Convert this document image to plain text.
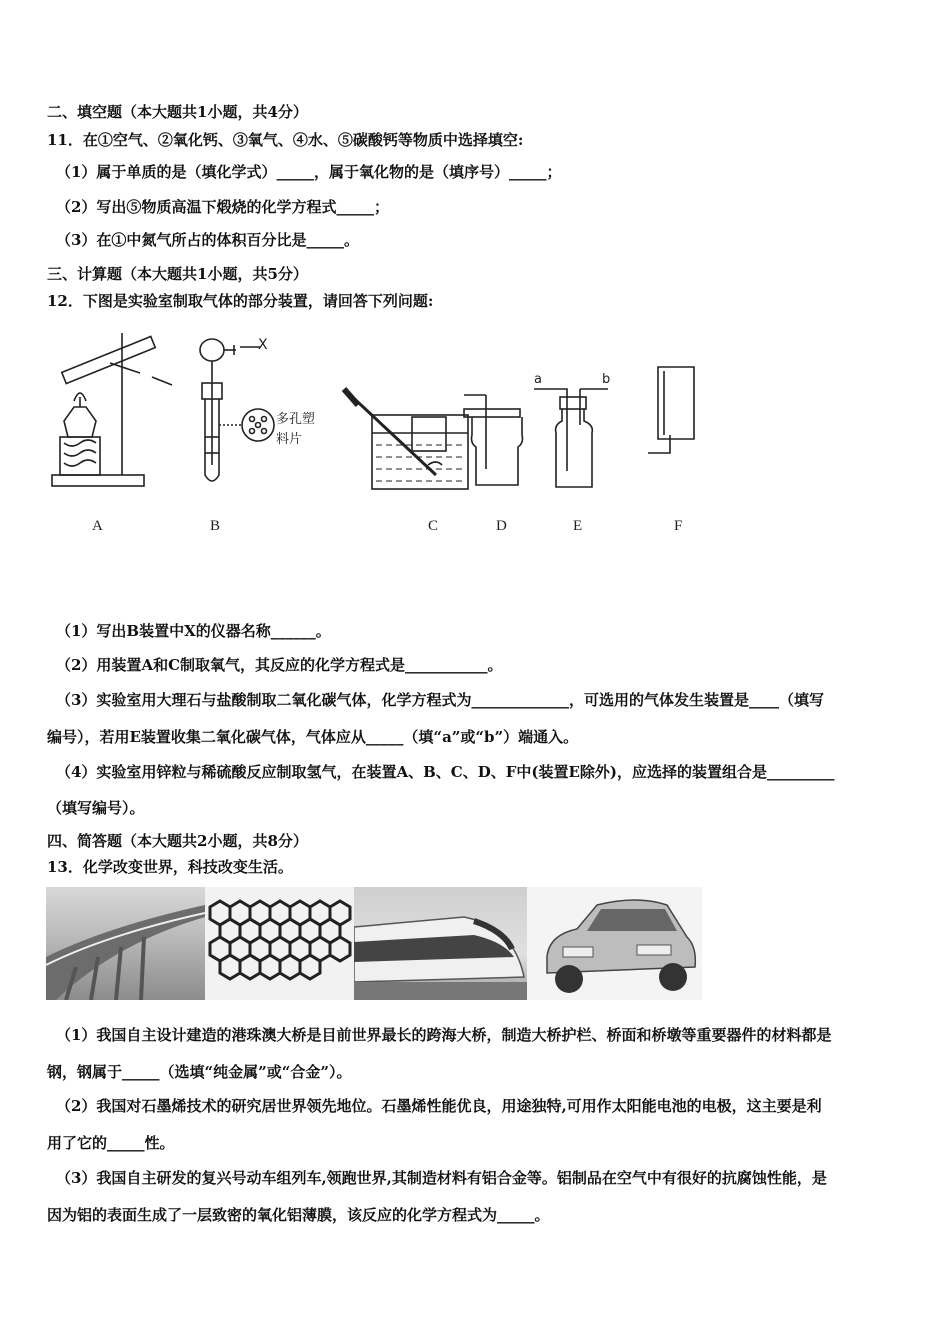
二、填空题（本大题共1小题，共4分）
11．在①空气、②氧化钙、③氧气、④水、⑤碳酸钙等物质中选择填空:
（1）属于单质的是（填化学式）_____，属于氧化物的是（填序号）_____；
（2）写出⑤物质高温下煅烧的化学方程式_____；
（3）在①中氮气所占的体积百分比是_____。
三、计算题（本大题共1小题，共5分）
12．下图是实验室制取气体的部分装置，请回答下列问题:
X
多孔塑
料片
a	b
A	B	C	D	E	F
（1）写出B装置中X的仪器名称______。
（2）用装置A和C制取氧气，其反应的化学方程式是___________。
（3）实验室用大理石与盐酸制取二氧化碳气体，化学方程式为_____________，可选用的气体发生装置是____（填写
编号），若用E装置收集二氧化碳气体，气体应从_____（填“a”或“b”）端通入。
（4）实验室用锌粒与稀硫酸反应制取氢气，在装置A、B、C、D、F中(装置E除外)，应选择的装置组合是_________
（填写编号）。
四、简答题（本大题共2小题，共8分）
13．化学改变世界，科技改变生活。
（1）我国自主设计建造的港珠澳大桥是目前世界最长的跨海大桥，制造大桥护栏、桥面和桥墩等重要器件的材料都是
钢，钢属于_____（选填“纯金属”或“合金”）。
（2）我国对石墨烯技术的研究居世界领先地位。石墨烯性能优良，用途独特,可用作太阳能电池的电极，这主要是利
用了它的_____性。
（3）我国自主研发的复兴号动车组列车,领跑世界,其制造材料有铝合金等。铝制品在空气中有很好的抗腐蚀性能，是
因为铝的表面生成了一层致密的氧化铝薄膜，该反应的化学方程式为_____。
